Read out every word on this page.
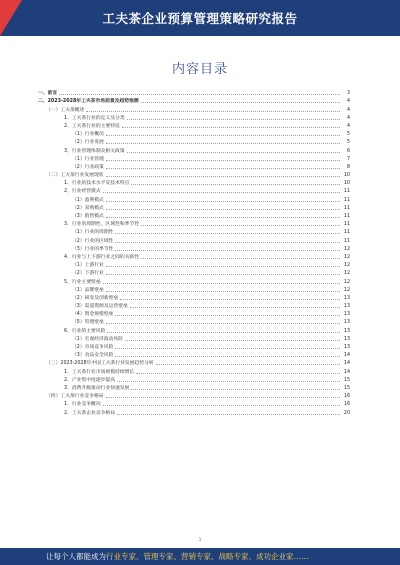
工夫茶企业预算管理策略研究报告
内容目录
一、前言	3
二、2023-2028年工夫茶市场前景及趋势预测	4
（一）工夫茶概述	4
1、工夫茶行业的定义及分类	4
2、工夫茶行业的主要特征	4
（1）行业概况	5
（2）行业发展	5
3、行业管理体制及相关政策	6
（1）行业管理	7
（2）行业政策	8
（二）工夫茶行业发展现状	10
1、行业的技术水平及技术特点	10
2、行业经营模式	11
（1）盈利模式	11
（2）采购模式	11
（3）销售模式	11
3、行业的周期性、区域性和季节性	11
（1）行业的周期性	11
（2）行业的区域性	11
（3）行业的季节性	12
4、行业与上下游行业之间的关联性	12
（1）上游行业	12
（2）下游行业	12
5、行业主要壁垒	12
（1）品牌壁垒	12
（2）研发及创新壁垒	13
（3）渠道资源及运营壁垒	13
（4）资金规模壁垒	13
（5）管理壁垒	13
6、行业的主要风险	13
（1）宏观经济波动风险	13
（2）市场竞争风险	13
（3）食品安全风险	14
（三）2023-2028年中国工夫茶行业发展趋势分析	14
1、工夫茶行业市场规模持续增长	14
2、产业集中度逐步提高	15
3、消费升级推动行业快速发展	15
（四）工夫茶行业竞争格局	16
1、行业竞争概况	16
2、工夫茶企业竞争格局	20
1
让每个人都能成为行业专家、管理专家、营销专家、战略专家、成功企业家……
